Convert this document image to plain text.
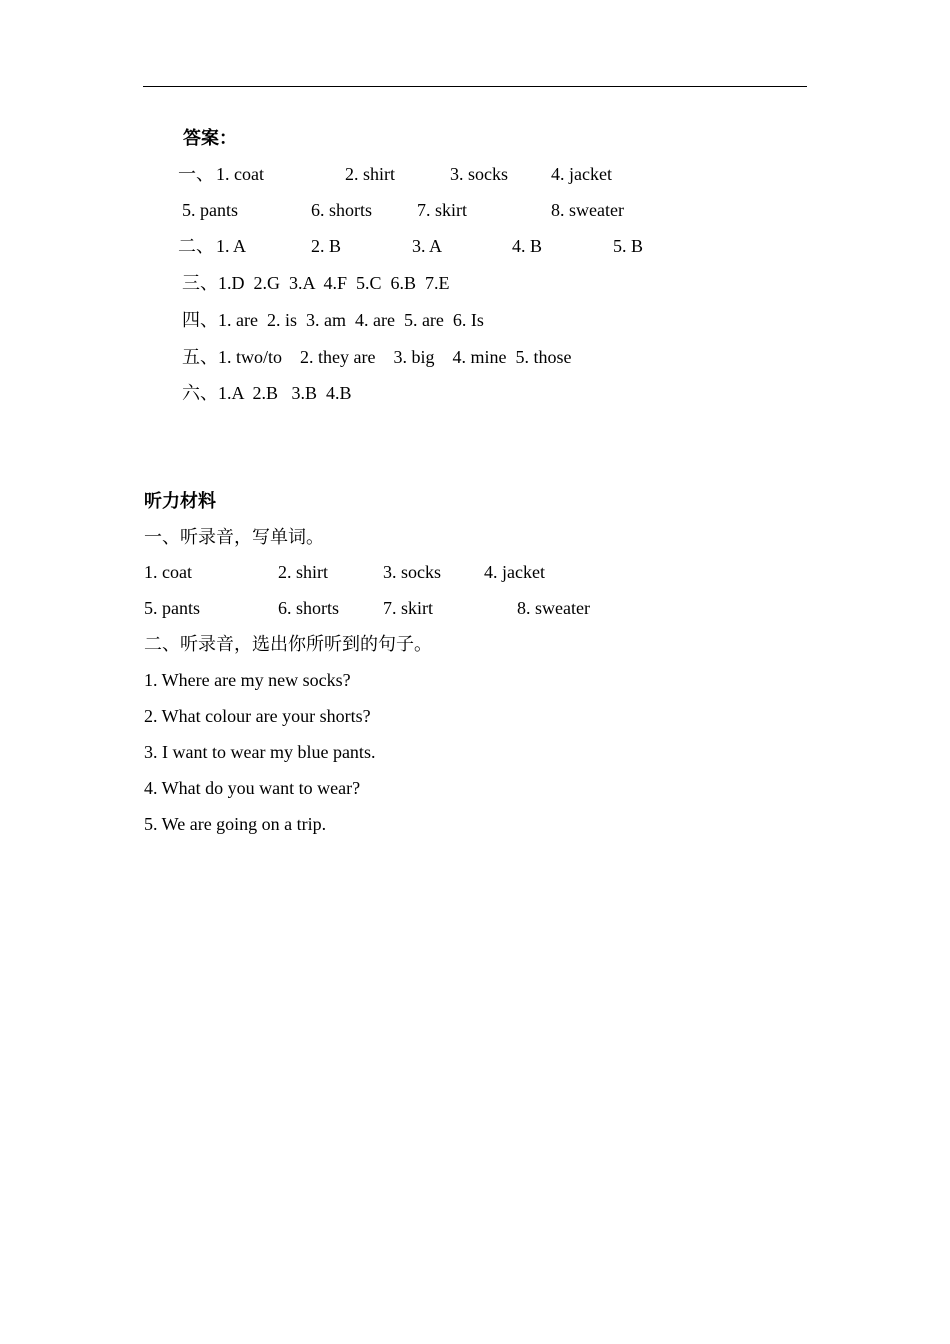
答案：
一、 1. coat	2. shirt	3. socks 4. jacket
5. pants	6. shorts 7. skirt	8. sweater
二、 1. A	2. B	3. A	4. B	5. B
三、1.D  2.G  3.A  4.F  5.C  6.B  7.E
四、1. are  2. is  3. am  4. are  5. are  6. Is
五、1. two/to    2. they are    3. big    4. mine  5. those
六、1.A  2.B   3.B  4.B
听力材料
一、听录音，写单词。
1. coat	2. shirt	3. socks 4. jacket
5. pants	6. shorts 7. skirt	8. sweater
二、听录音，选出你所听到的句子。
1. Where are my new socks?
2. What colour are your shorts?
3. I want to wear my blue pants.
4. What do you want to wear?
5. We are going on a trip.
